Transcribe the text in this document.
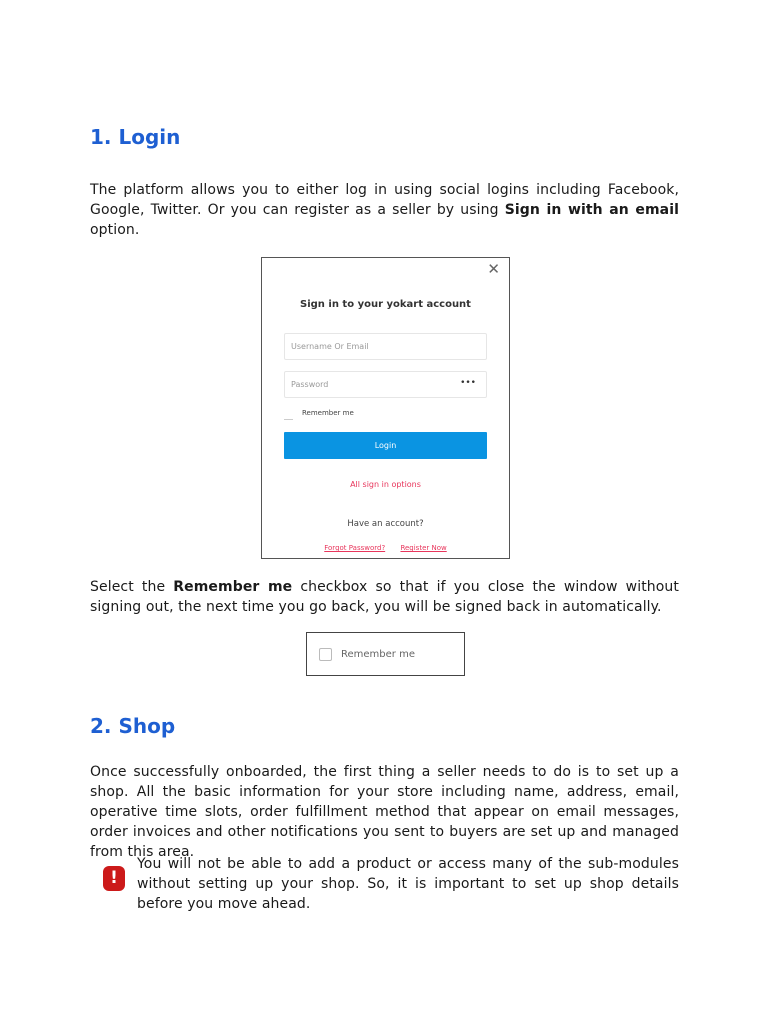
1. Login
The platform allows you to either log in using social logins including Facebook, Google, Twitter. Or you can register as a seller by using Sign in with an email option.
✕
Sign in to your yokart account
Username Or Email
Password	•••
Remember me
Login
All sign in options
Have an account?
Forgot Password? Register Now
Select the Remember me checkbox so that if you close the window without signing out, the next time you go back, you will be signed back in automatically.
Remember me
2. Shop
Once successfully onboarded, the first thing a seller needs to do is to set up a shop. All the basic information for your store including name, address, email, operative time slots, order fulfillment method that appear on email messages, order invoices and other notifications you sent to buyers are set up and managed from this area.
!
You will not be able to add a product or access many of the sub-modules without setting up your shop. So, it is important to set up shop details before you move ahead.
